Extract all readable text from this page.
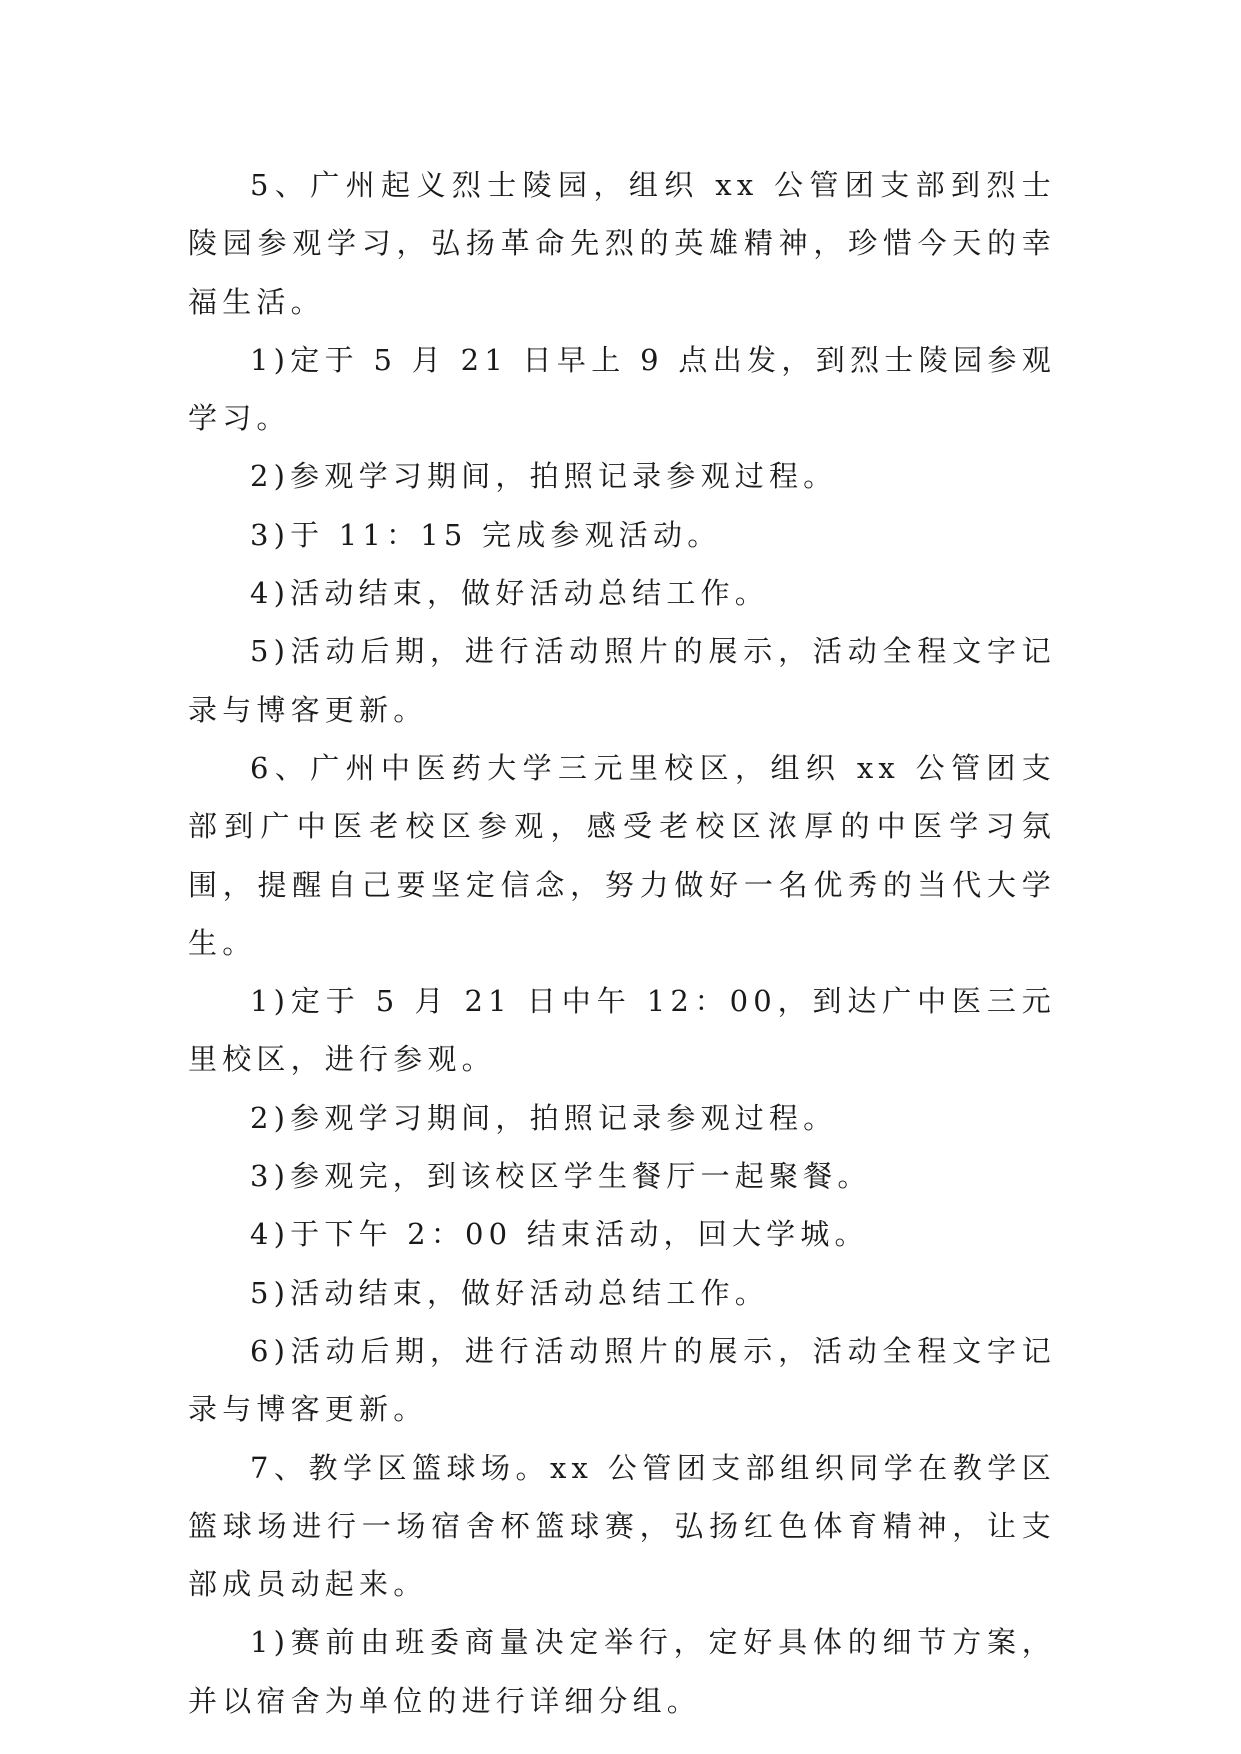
5、广州起义烈士陵园，组织 xx 公管团支部到烈士陵园参观学习，弘扬革命先烈的英雄精神，珍惜今天的幸福生活。

1)定于 5 月 21 日早上 9 点出发，到烈士陵园参观学习。

2)参观学习期间，拍照记录参观过程。

3)于 11：15 完成参观活动。

4)活动结束，做好活动总结工作。

5)活动后期，进行活动照片的展示，活动全程文字记录与博客更新。

6、广州中医药大学三元里校区，组织 xx 公管团支部到广中医老校区参观，感受老校区浓厚的中医学习氛围，提醒自己要坚定信念，努力做好一名优秀的当代大学生。

1)定于 5 月 21 日中午 12：00，到达广中医三元里校区，进行参观。

2)参观学习期间，拍照记录参观过程。

3)参观完，到该校区学生餐厅一起聚餐。

4)于下午 2：00 结束活动，回大学城。

5)活动结束，做好活动总结工作。

6)活动后期，进行活动照片的展示，活动全程文字记录与博客更新。

7、教学区篮球场。xx 公管团支部组织同学在教学区篮球场进行一场宿舍杯篮球赛，弘扬红色体育精神，让支部成员动起来。

1)赛前由班委商量决定举行，定好具体的细节方案，并以宿舍为单位的进行详细分组。
